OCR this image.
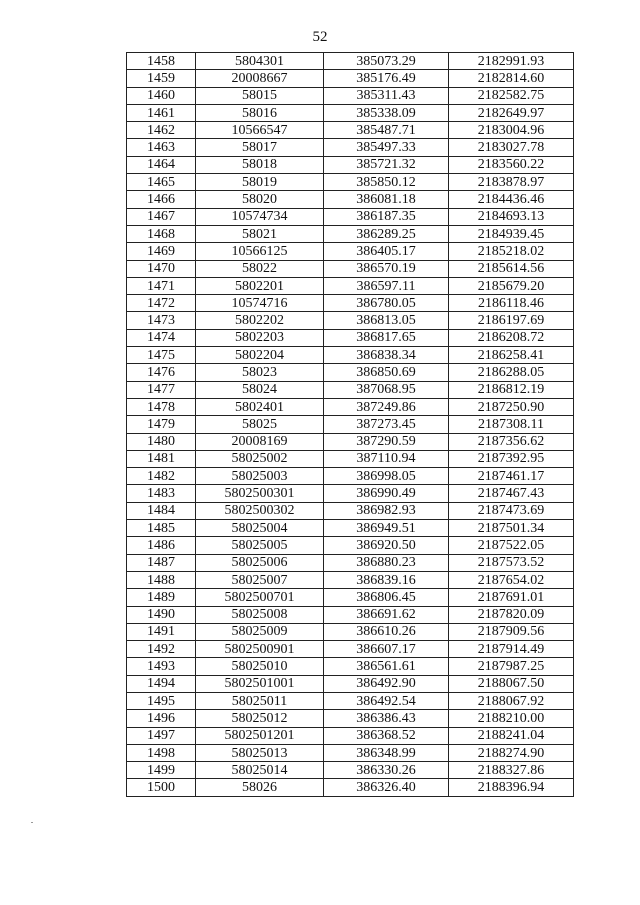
52
1458	5804301	385073.29	2182991.93
1459	20008667	385176.49	2182814.60
1460	58015	385311.43	2182582.75
1461	58016	385338.09	2182649.97
1462	10566547	385487.71	2183004.96
1463	58017	385497.33	2183027.78
1464	58018	385721.32	2183560.22
1465	58019	385850.12	2183878.97
1466	58020	386081.18	2184436.46
1467	10574734	386187.35	2184693.13
1468	58021	386289.25	2184939.45
1469	10566125	386405.17	2185218.02
1470	58022	386570.19	2185614.56
1471	5802201	386597.11	2185679.20
1472	10574716	386780.05	2186118.46
1473	5802202	386813.05	2186197.69
1474	5802203	386817.65	2186208.72
1475	5802204	386838.34	2186258.41
1476	58023	386850.69	2186288.05
1477	58024	387068.95	2186812.19
1478	5802401	387249.86	2187250.90
1479	58025	387273.45	2187308.11
1480	20008169	387290.59	2187356.62
1481	58025002	387110.94	2187392.95
1482	58025003	386998.05	2187461.17
1483	5802500301	386990.49	2187467.43
1484	5802500302	386982.93	2187473.69
1485	58025004	386949.51	2187501.34
1486	58025005	386920.50	2187522.05
1487	58025006	386880.23	2187573.52
1488	58025007	386839.16	2187654.02
1489	5802500701	386806.45	2187691.01
1490	58025008	386691.62	2187820.09
1491	58025009	386610.26	2187909.56
1492	5802500901	386607.17	2187914.49
1493	58025010	386561.61	2187987.25
1494	5802501001	386492.90	2188067.50
1495	58025011	386492.54	2188067.92
1496	58025012	386386.43	2188210.00
1497	5802501201	386368.52	2188241.04
1498	58025013	386348.99	2188274.90
1499	58025014	386330.26	2188327.86
1500	58026	386326.40	2188396.94
